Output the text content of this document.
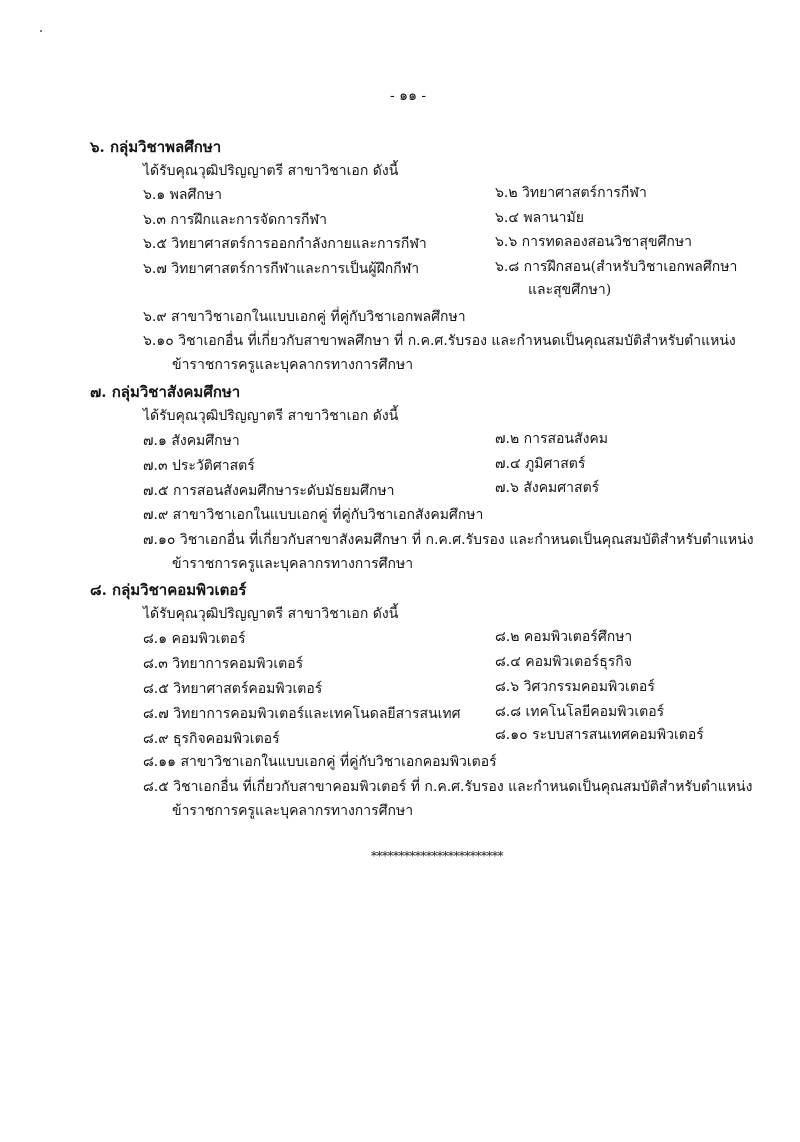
- ๑๑ -
๖. กลุ่มวิชาพลศึกษา
ได้รับคุณวุฒิปริญญาตรี สาขาวิชาเอก ดังนี้
๖.๑ พลศึกษา	๖.๒ วิทยาศาสตร์การกีฬา
๖.๓ การฝึกและการจัดการกีฬา	๖.๔ พลานามัย
๖.๕ วิทยาศาสตร์การออกกำลังกายและการกีฬา	๖.๖ การทดลองสอนวิชาสุขศึกษา
๖.๗ วิทยาศาสตร์การกีฬาและการเป็นผู้ฝึกกีฬา	๖.๘ การฝึกสอน(สำหรับวิชาเอกพลศึกษา
และสุขศึกษา)
๖.๙ สาขาวิชาเอกในแบบเอกคู่ ที่คู่กับวิชาเอกพลศึกษา
๖.๑๐ วิชาเอกอื่น ที่เกี่ยวกับสาขาพลศึกษา ที่ ก.ค.ศ.รับรอง และกำหนดเป็นคุณสมบัติสำหรับตำแหน่ง
ข้าราชการครูและบุคลากรทางการศึกษา
๗. กลุ่มวิชาสังคมศึกษา
ได้รับคุณวุฒิปริญญาตรี สาขาวิชาเอก ดังนี้
๗.๑ สังคมศึกษา	๗.๒ การสอนสังคม
๗.๓ ประวัติศาสตร์	๗.๔ ภูมิศาสตร์
๗.๕ การสอนสังคมศึกษาระดับมัธยมศึกษา	๗.๖ สังคมศาสตร์
๗.๙ สาขาวิชาเอกในแบบเอกคู่ ที่คู่กับวิชาเอกสังคมศึกษา
๗.๑๐ วิชาเอกอื่น ที่เกี่ยวกับสาขาสังคมศึกษา ที่ ก.ค.ศ.รับรอง และกำหนดเป็นคุณสมบัติสำหรับตำแหน่ง
ข้าราชการครูและบุคลากรทางการศึกษา
๘. กลุ่มวิชาคอมพิวเตอร์
ได้รับคุณวุฒิปริญญาตรี สาขาวิชาเอก ดังนี้
๘.๑ คอมพิวเตอร์	๘.๒ คอมพิวเตอร์ศึกษา
๘.๓ วิทยาการคอมพิวเตอร์	๘.๔ คอมพิวเตอร์ธุรกิจ
๘.๕ วิทยาศาสตร์คอมพิวเตอร์	๘.๖ วิศวกรรมคอมพิวเตอร์
๘.๗ วิทยาการคอมพิวเตอร์และเทคโนดลยีสารสนเทศ ๘.๘ เทคโนโลยีคอมพิวเตอร์
๘.๙ ธุรกิจคอมพิวเตอร์	๘.๑๐ ระบบสารสนเทศคอมพิวเตอร์
๘.๑๑ สาขาวิชาเอกในแบบเอกคู่ ที่คู่กับวิชาเอกคอมพิวเตอร์
๘.๕ วิชาเอกอื่น ที่เกี่ยวกับสาขาคอมพิวเตอร์ ที่ ก.ค.ศ.รับรอง และกำหนดเป็นคุณสมบัติสำหรับตำแหน่ง
ข้าราชการครูและบุคลากรทางการศึกษา
************************
